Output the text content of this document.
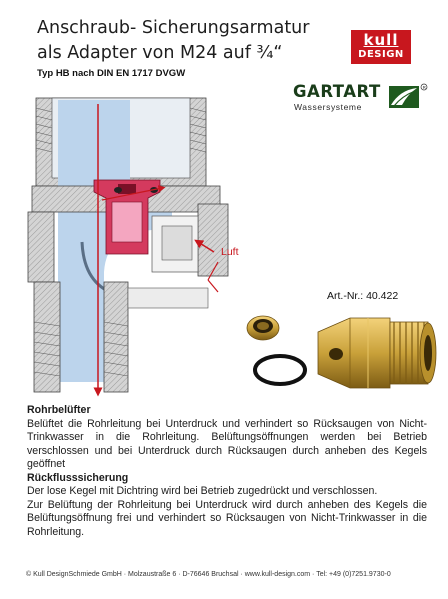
Anschraub- Sicherungsarmatur
als Adapter von M24 auf ¾“
Typ HB nach DIN EN 1717 DVGW
kull
DESIGN
GARTART
Wassersysteme
R
Luft
Art.-Nr.: 40.422
Rohrbelüfter

Belüftet die Rohrleitung bei Unterdruck und verhindert so Rücksaugen von Nicht-Trinkwasser in die Rohrleitung. Belüftungsöffnungen werden bei Betrieb verschlossen und bei Unterdruck durch Rücksaugen durch anheben des Kegels geöffnet

Rückflusssicherung

Der lose Kegel mit Dichtring wird bei Betrieb zugedrückt und verschlossen.

Zur Belüftung der Rohrleitung bei Unterdruck wird durch anheben des Kegels die Belüftungsöffnung frei und verhindert so Rücksaugen von Nicht-Trinkwasser in die Rohrleitung.

© Kull DesignSchmiede GmbH · Molzaustraße 6 · D-76646 Bruchsal · www.kull-design.com · Tel: +49 (0)7251.9730-0
